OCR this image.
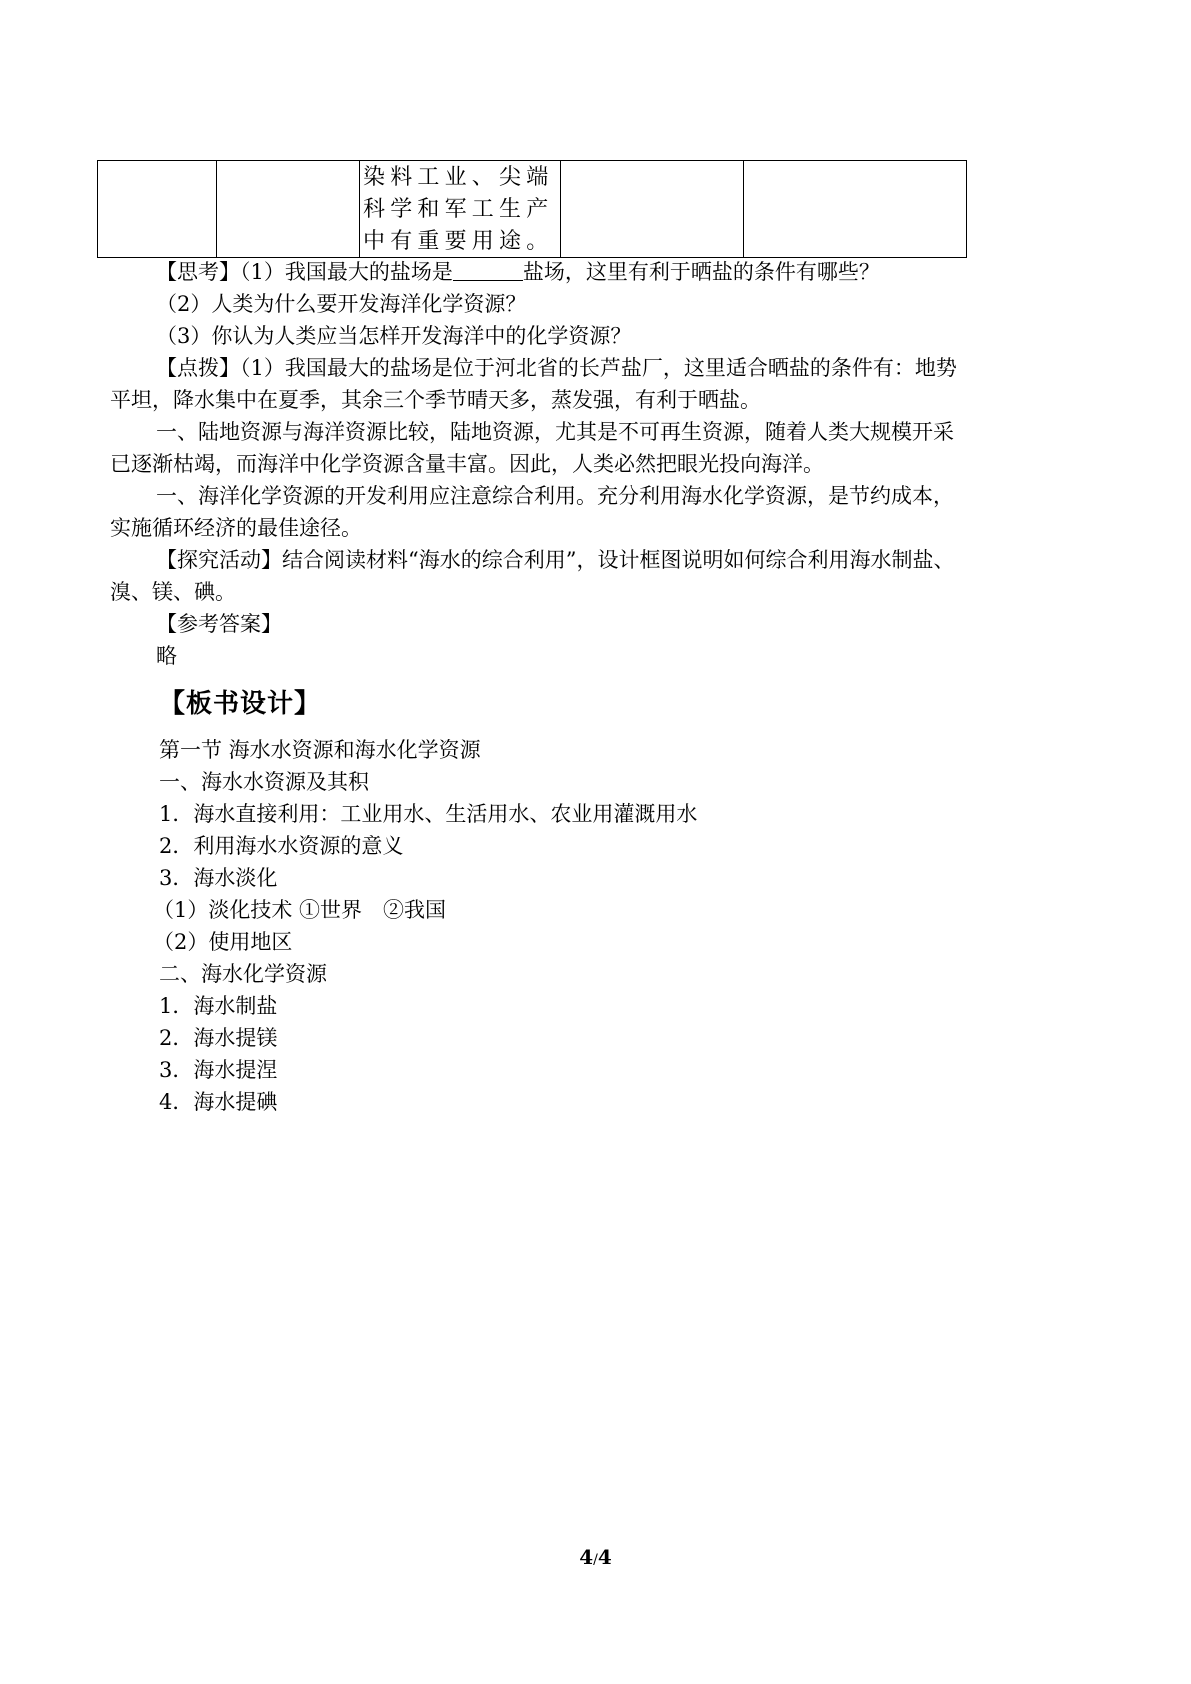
染料工业、尖端
科学和军工生产
中有重要用途。

【思考】（1）我国最大的盐场是	盐场，这里有利于晒盐的条件有哪些？

（2）人类为什么要开发海洋化学资源？

（3）你认为人类应当怎样开发海洋中的化学资源？

【点拨】（1）我国最大的盐场是位于河北省的长芦盐厂，这里适合晒盐的条件有：地势

平坦，降水集中在夏季，其余三个季节晴天多，蒸发强，有利于晒盐。

一、陆地资源与海洋资源比较，陆地资源，尤其是不可再生资源，随着人类大规模开采

已逐渐枯竭，而海洋中化学资源含量丰富。因此，人类必然把眼光投向海洋。

一、海洋化学资源的开发利用应注意综合利用。充分利用海水化学资源，是节约成本，

实施循环经济的最佳途径。

【探究活动】结合阅读材料“海水的综合利用”，设计框图说明如何综合利用海水制盐、

溴、镁、碘。

【参考答案】

略

【板书设计】

第一节 海水水资源和海水化学资源

一、海水水资源及其积

1．海水直接利用：工业用水、生活用水、农业用灌溉用水

2．利用海水水资源的意义

3．海水淡化

（1）淡化技术 ①世界　②我国

（2）使用地区

二、海水化学资源

1．海水制盐

2．海水提镁

3．海水提涅

4．海水提碘

4/4
